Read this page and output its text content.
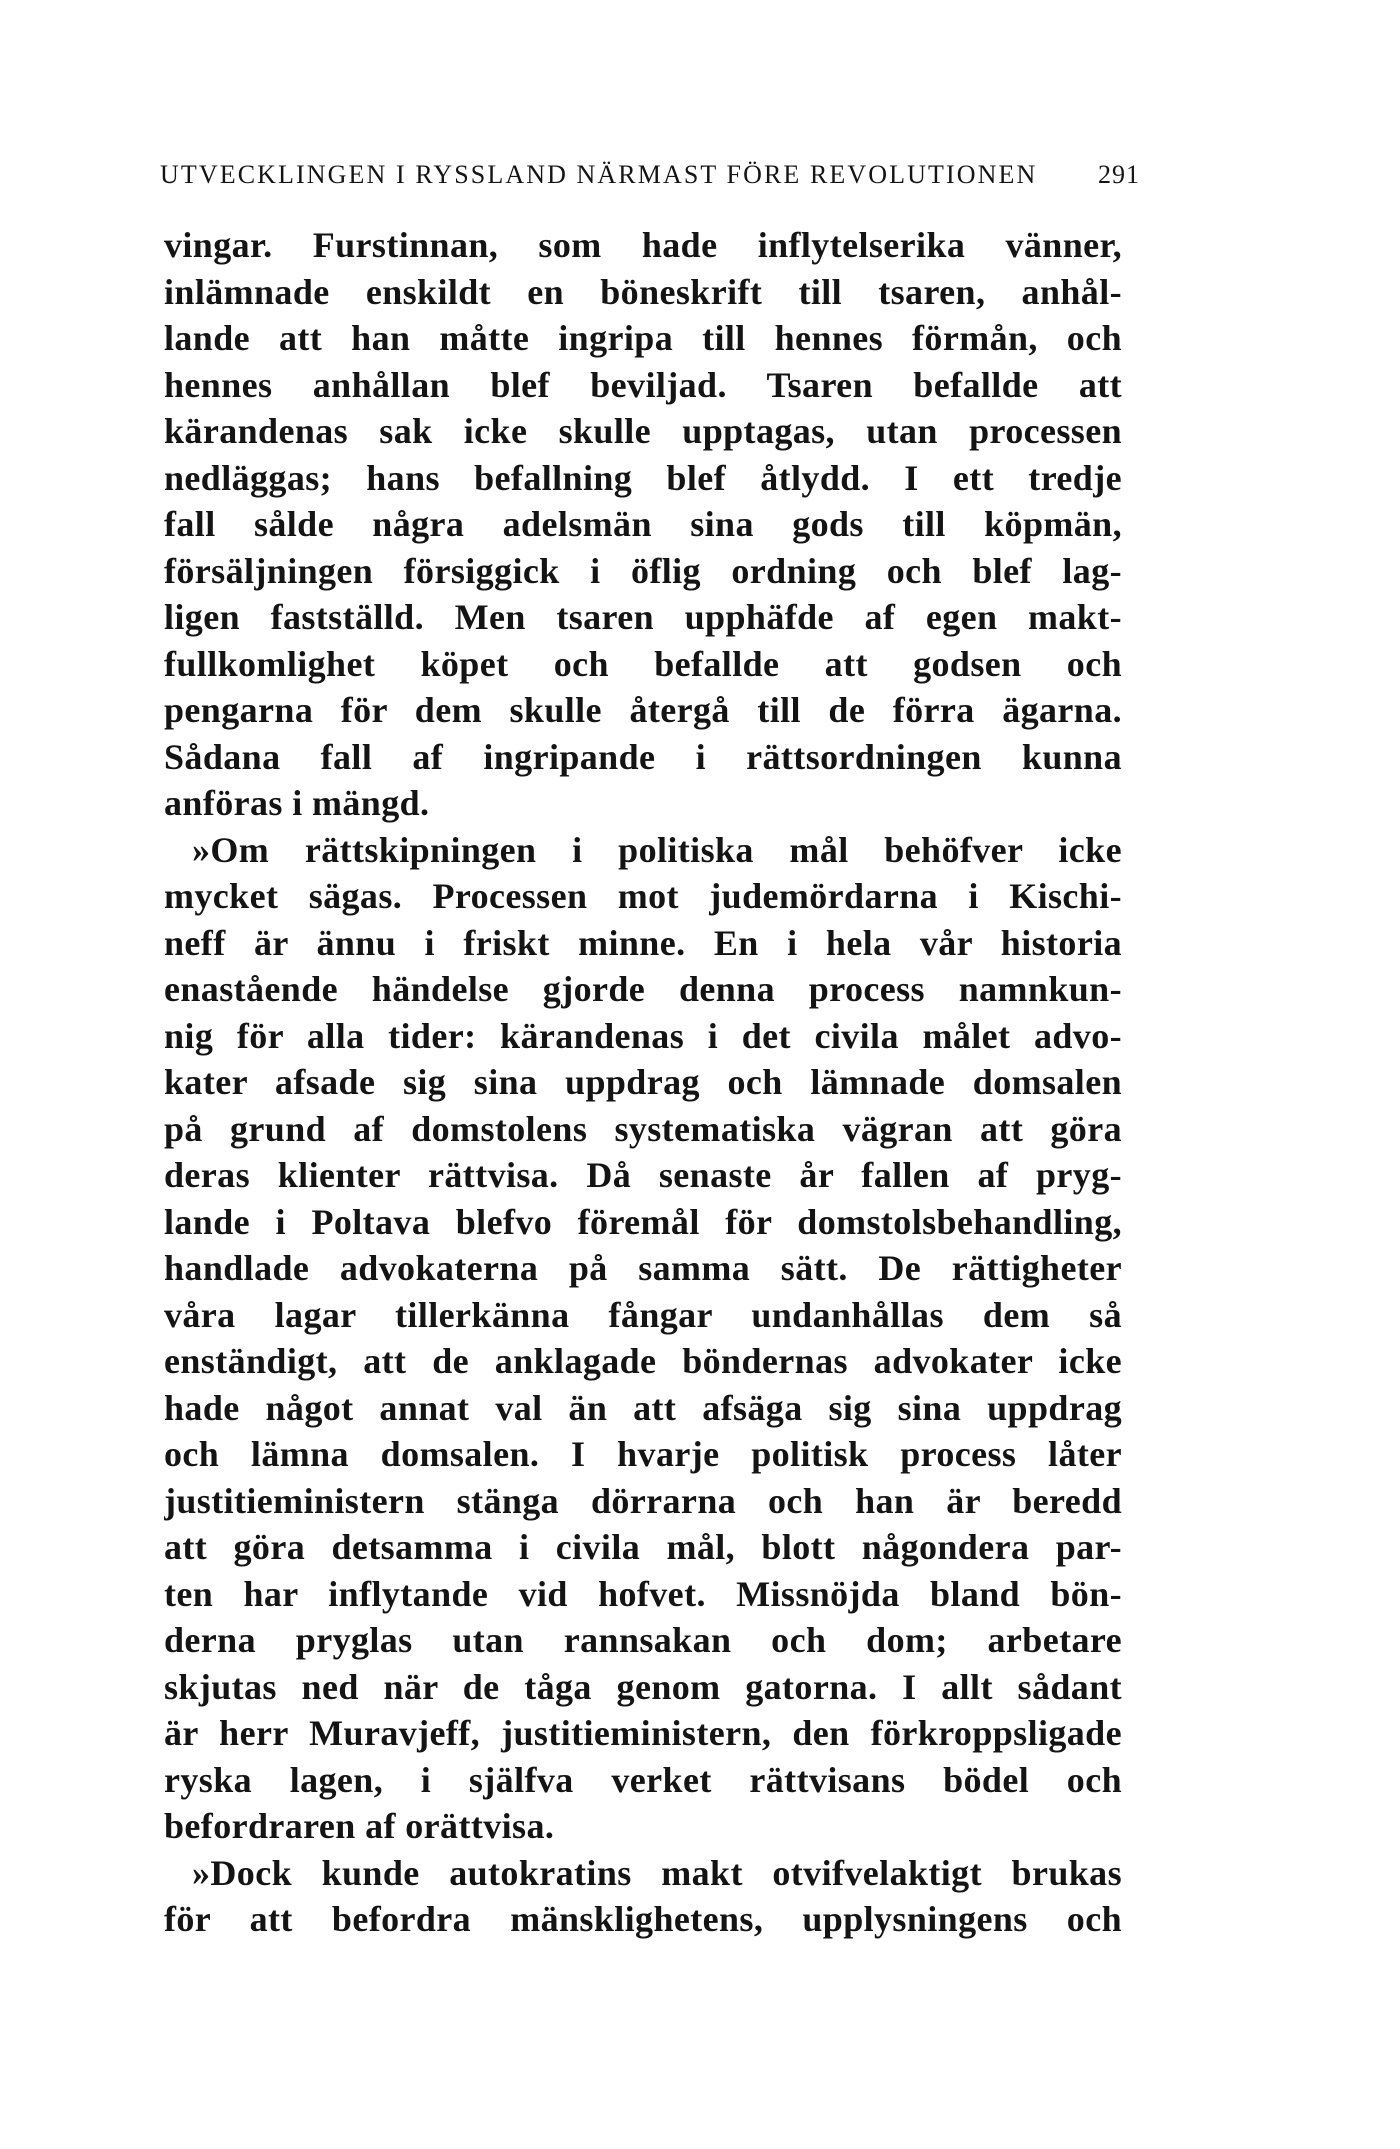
UTVECKLINGEN I RYSSLAND NÄRMAST FÖRE REVOLUTIONEN 291
vingar. Furstinnan, som hade inflytelserika vänner,
inlämnade enskildt en böneskrift till tsaren, anhål-
lande att han måtte ingripa till hennes förmån, och
hennes anhållan blef beviljad. Tsaren befallde att
kärandenas sak icke skulle upptagas, utan processen
nedläggas; hans befallning blef åtlydd. I ett tredje
fall sålde några adelsmän sina gods till köpmän,
försäljningen försiggick i öflig ordning och blef lag-
ligen fastställd. Men tsaren upphäfde af egen makt-
fullkomlighet köpet och befallde att godsen och
pengarna för dem skulle återgå till de förra ägarna.
Sådana fall af ingripande i rättsordningen kunna
anföras i mängd.
»Om rättskipningen i politiska mål behöfver icke
mycket sägas. Processen mot judemördarna i Kischi-
neff är ännu i friskt minne. En i hela vår historia
enastående händelse gjorde denna process namnkun-
nig för alla tider: kärandenas i det civila målet advo-
kater afsade sig sina uppdrag och lämnade domsalen
på grund af domstolens systematiska vägran att göra
deras klienter rättvisa. Då senaste år fallen af pryg-
lande i Poltava blefvo föremål för domstolsbehandling,
handlade advokaterna på samma sätt. De rättigheter
våra lagar tillerkänna fångar undanhållas dem så
enständigt, att de anklagade böndernas advokater icke
hade något annat val än att afsäga sig sina uppdrag
och lämna domsalen. I hvarje politisk process låter
justitieministern stänga dörrarna och han är beredd
att göra detsamma i civila mål, blott någondera par-
ten har inflytande vid hofvet. Missnöjda bland bön-
derna pryglas utan rannsakan och dom; arbetare
skjutas ned när de tåga genom gatorna. I allt sådant
är herr Muravjeff, justitieministern, den förkroppsligade
ryska lagen, i själfva verket rättvisans bödel och
befordraren af orättvisa.
»Dock kunde autokratins makt otvifvelaktigt brukas
för att befordra mänsklighetens, upplysningens och
